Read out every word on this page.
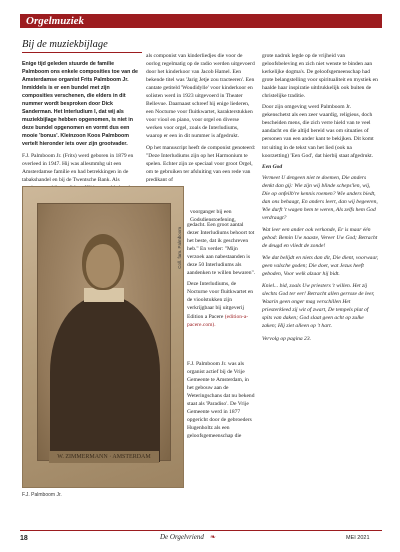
Orgelmuziek
Bij de muziekbijlage

Enige tijd geleden stuurde de familie Palmboom ons enkele composities toe van de Amsterdamse organist Frits Palmboom Jr. Inmiddels is er een bundel met zijn composities verschenen, die elders in dit nummer wordt besproken door Dick Sanderman. Het Interludium I, dat wij als muziekbijlage hebben opgenomen, is niet in deze bundel opgenomen en vormt dus een mooie 'bonus'. Kleinzoon Koos Palmboom vertelt hieronder iets over zijn grootvader.

F.J. Palmboom Jr. (Frits) werd geboren in 1879 en overleed in 1947. Hij was allesmmhg uit een Amsterdamse familie en had betrekkingen in de tabakshandel en bij de Twentsche Bank. Als

als componist van kinderliedjes die voor de oorlog regelmatig op de radio werden uitgevoerd door het kinderkoor van Jacob Hamel. Een bekende titel was 'Jarig Jetje zou tracteeren'. Een cantate getiteld 'Woudidylle' voor kinderkoor en solisten werd in 1923 uitgevoerd in Theater Bellevue. Daarnaast schreef hij enige liederen, een Nocturne voor fluitkwartet, karakterstukken voor viool en piano, voor orgel en diverse werken voor orgel, zoals de Interludiums, waarop er een in dit nummer is afgedrukt.

Op het manuscript heeft de componist genoteerd: "Deze Interludiums zijn op het Harmonium te spelen. Echter zijn ze speciaal voor groot Orgel, om te gebruiken ter afsluiting van een rede van predikant of

voorganger bij een Godsdienstoefening,

gedacht. Een groot aantal dezer Interludiums behoort tot het beste, dat ik geschreven heb." En verder: "Mijn verzoek aan nabestaanden is deze 50 Interludiums als aandenken te willen bewaren".

Deze Interludiums, de Nocturne voor fluitkwartet en de vioolstukken zijn verkrijgbaar bij uitgeverij Edition a Pacere (edition-a-pacere.com).

F.J. Palmboom Jr. was als organist actief bij de Vrije Gemeente te Amsterdam, in het gebouw aan de Weteringschans dat nu bekend staat als 'Paradiso'. De Vrije Gemeente werd in 1877 opgericht door de gebroeders Hugenholtz als een geloofsgemeenschap die

grote nadruk legde op de vrijheid van geloofsbeleving en zich niet wenste te binden aan kerkelijke dogma's. De geloofsgemeenschap had grote belangstelling voor spiritualiteit en mystiek en haalde haar inspiratie uitdrukkelijk ook buiten de christelijke traditie.

Door zijn omgeving werd Palmboom Jr. gekenschetst als een zeer waardig, religieus, doch bescheiden mens, die zich verre hield van te veel aandacht en die altijd bereid was om situaties of personen van een ander kant te bekijken. Dit komt tot uiting in de tekst van het lied (ook na koorzetting) 'Een God', dat hierbij staat afgedrukt.

Een God

Vermeet U dengeen niet te doemen, Die anders denkt dan gij: Wie zijn wij blinde scheps'len, wij, Die op onfeilb're kennis roemen? Wie anders biedt, dan ons behaagt, En anders leert, dan wij begeeren, Wie durft 't wagen hem te weren, Als zelfs hem God verdraagt?

Wat leer een ander ook verkonde, Er is maar één gebod: Bemin Uw naaste, Vereer Uw God; Betracht de deugd en vliedt de zonde!

Wie dat belijdt en niets dan dit, Die dient, voorwaar, geen valsche goden; Die doet, wat Jezus heeft geboden, Voor welk alzaar hij bidt.

Kniel... bid, zoals Uw priesters 't willen. Het zij slechts God ter eer! Betracht allen gerroze de leer, Waarin geen onger mag verschillen Het priesterkleed zij wit of zwart, De tempels plat of spits van daken; God slaat geen acht op zulke zaken; Hij ziet alleen op 't hart.

Vervolg op pagina 23.

W. ZIMMERMANN · AMSTERDAM
Coll. fam. Palmboom
F.J. Palmboom Jr.
18	De Orgelvriend ❧	MEI 2021
